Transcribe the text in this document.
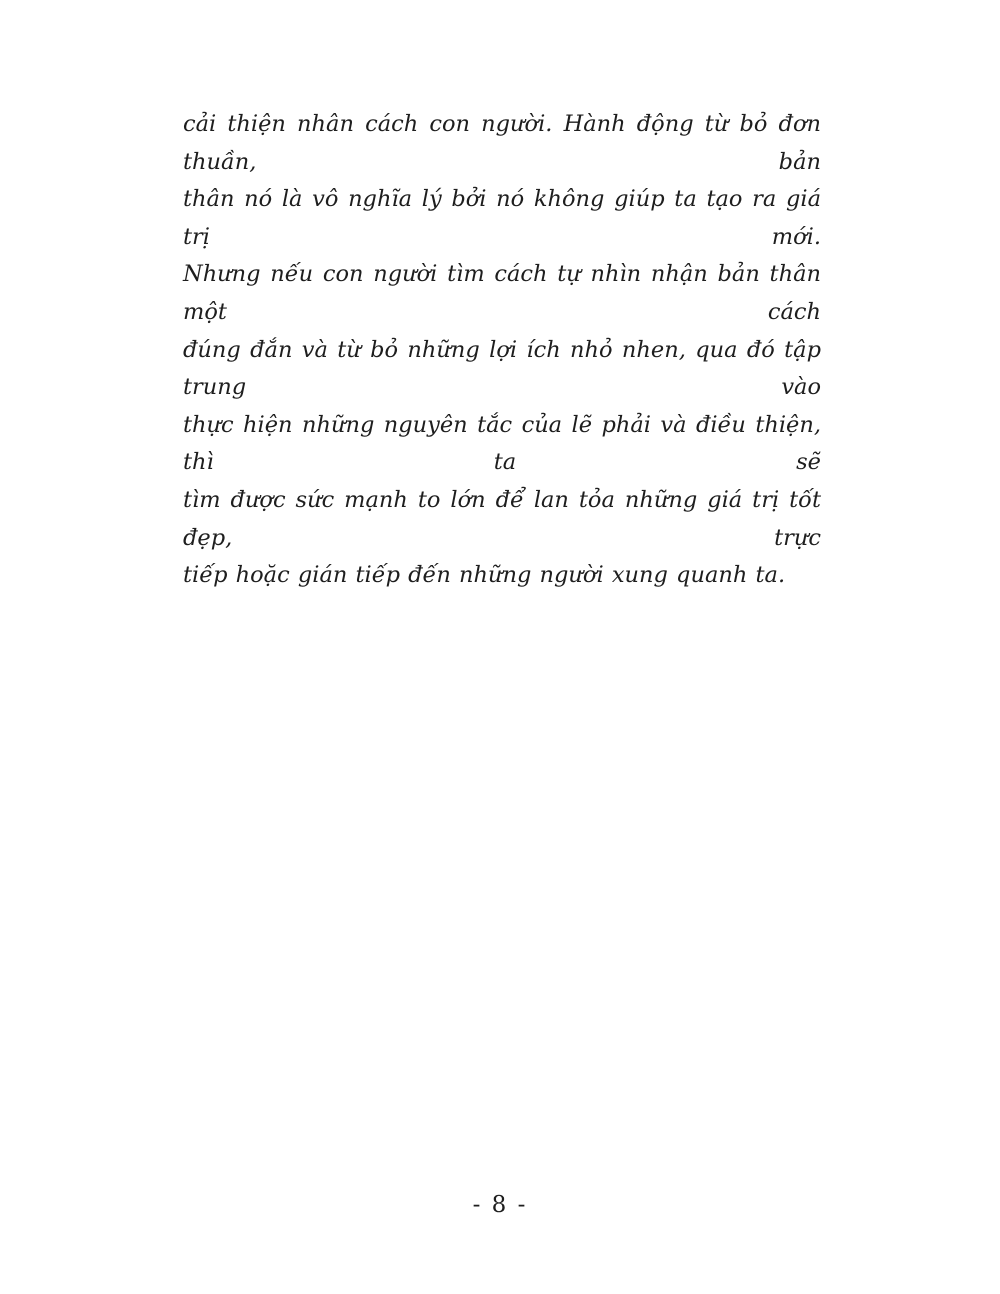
cải thiện nhân cách con người. Hành động từ bỏ đơn thuần, bản
thân nó là vô nghĩa lý bởi nó không giúp ta tạo ra giá trị mới.
Nhưng nếu con người tìm cách tự nhìn nhận bản thân một cách
đúng đắn và từ bỏ những lợi ích nhỏ nhen, qua đó tập trung vào
thực hiện những nguyên tắc của lẽ phải và điều thiện, thì ta sẽ
tìm được sức mạnh to lớn để lan tỏa những giá trị tốt đẹp, trực
tiếp hoặc gián tiếp đến những người xung quanh ta.
- 8 -
